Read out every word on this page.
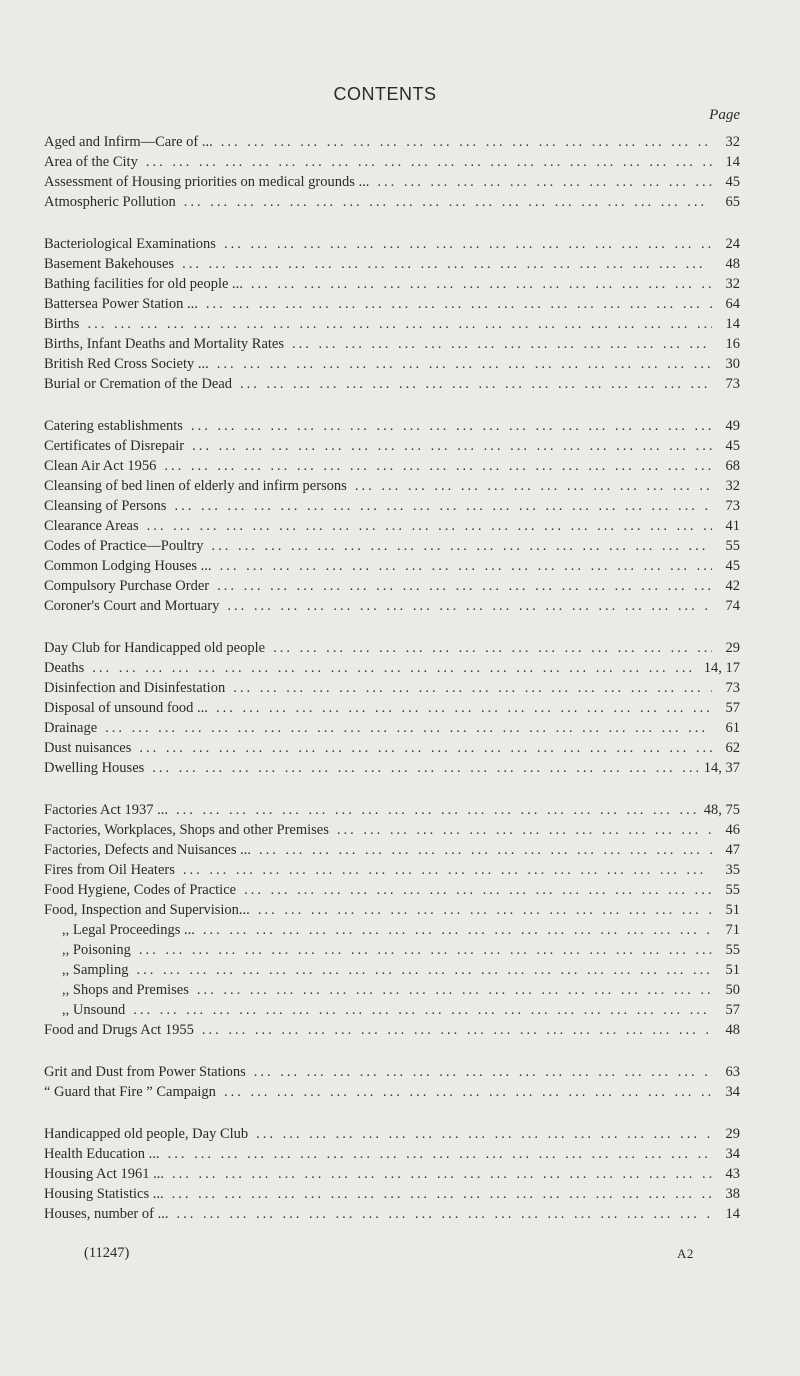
CONTENTS
Page
Aged and Infirm—Care of ... ... .	32
Area of the City ... .	14
Assessment of Housing priorities on medical grounds ... ... .	45
Atmospheric Pollution ... .	65
Bacteriological Examinations ... .	24
Basement Bakehouses ... .	48
Bathing facilities for old people ... ... .	32
Battersea Power Station ... ... .	64
Births ... .	14
Births, Infant Deaths and Mortality Rates ... .	16
British Red Cross Society ... ... .	30
Burial or Cremation of the Dead ... .	73
Catering establishments ... .	49
Certificates of Disrepair ... .	45
Clean Air Act 1956 ... .	68
Cleansing of bed linen of elderly and infirm persons ... .	32
Cleansing of Persons ... .	73
Clearance Areas ... .	41
Codes of Practice—Poultry ... .	55
Common Lodging Houses ... ... .	45
Compulsory Purchase Order ... .	42
Coroner's Court and Mortuary ... .	74
Day Club for Handicapped old people ... .	29
Deaths ... .	14, 17
Disinfection and Disinfestation ... .	73
Disposal of unsound food ... ... .	57
Drainage ... .	61
Dust nuisances ... .	62
Dwelling Houses ... .	14, 37
Factories Act 1937 ... ... .	48, 75
Factories, Workplaces, Shops and other Premises ... .	46
Factories, Defects and Nuisances ... ... .	47
Fires from Oil Heaters ... .	35
Food Hygiene, Codes of Practice ... .	55
Food, Inspection and Supervision... ... .	51
,, Legal Proceedings ... ... .	71
,, Poisoning ... .	55
,, Sampling ... .	51
,, Shops and Premises ... .	50
,, Unsound ... .	57
Food and Drugs Act 1955 ... .	48
Grit and Dust from Power Stations ... .	63
“ Guard that Fire ” Campaign ... .	34
Handicapped old people, Day Club ... .	29
Health Education ... ... .	34
Housing Act 1961 ... ... .	43
Housing Statistics ... ... .	38
Houses, number of ... ... .	14
(11247)	A2
